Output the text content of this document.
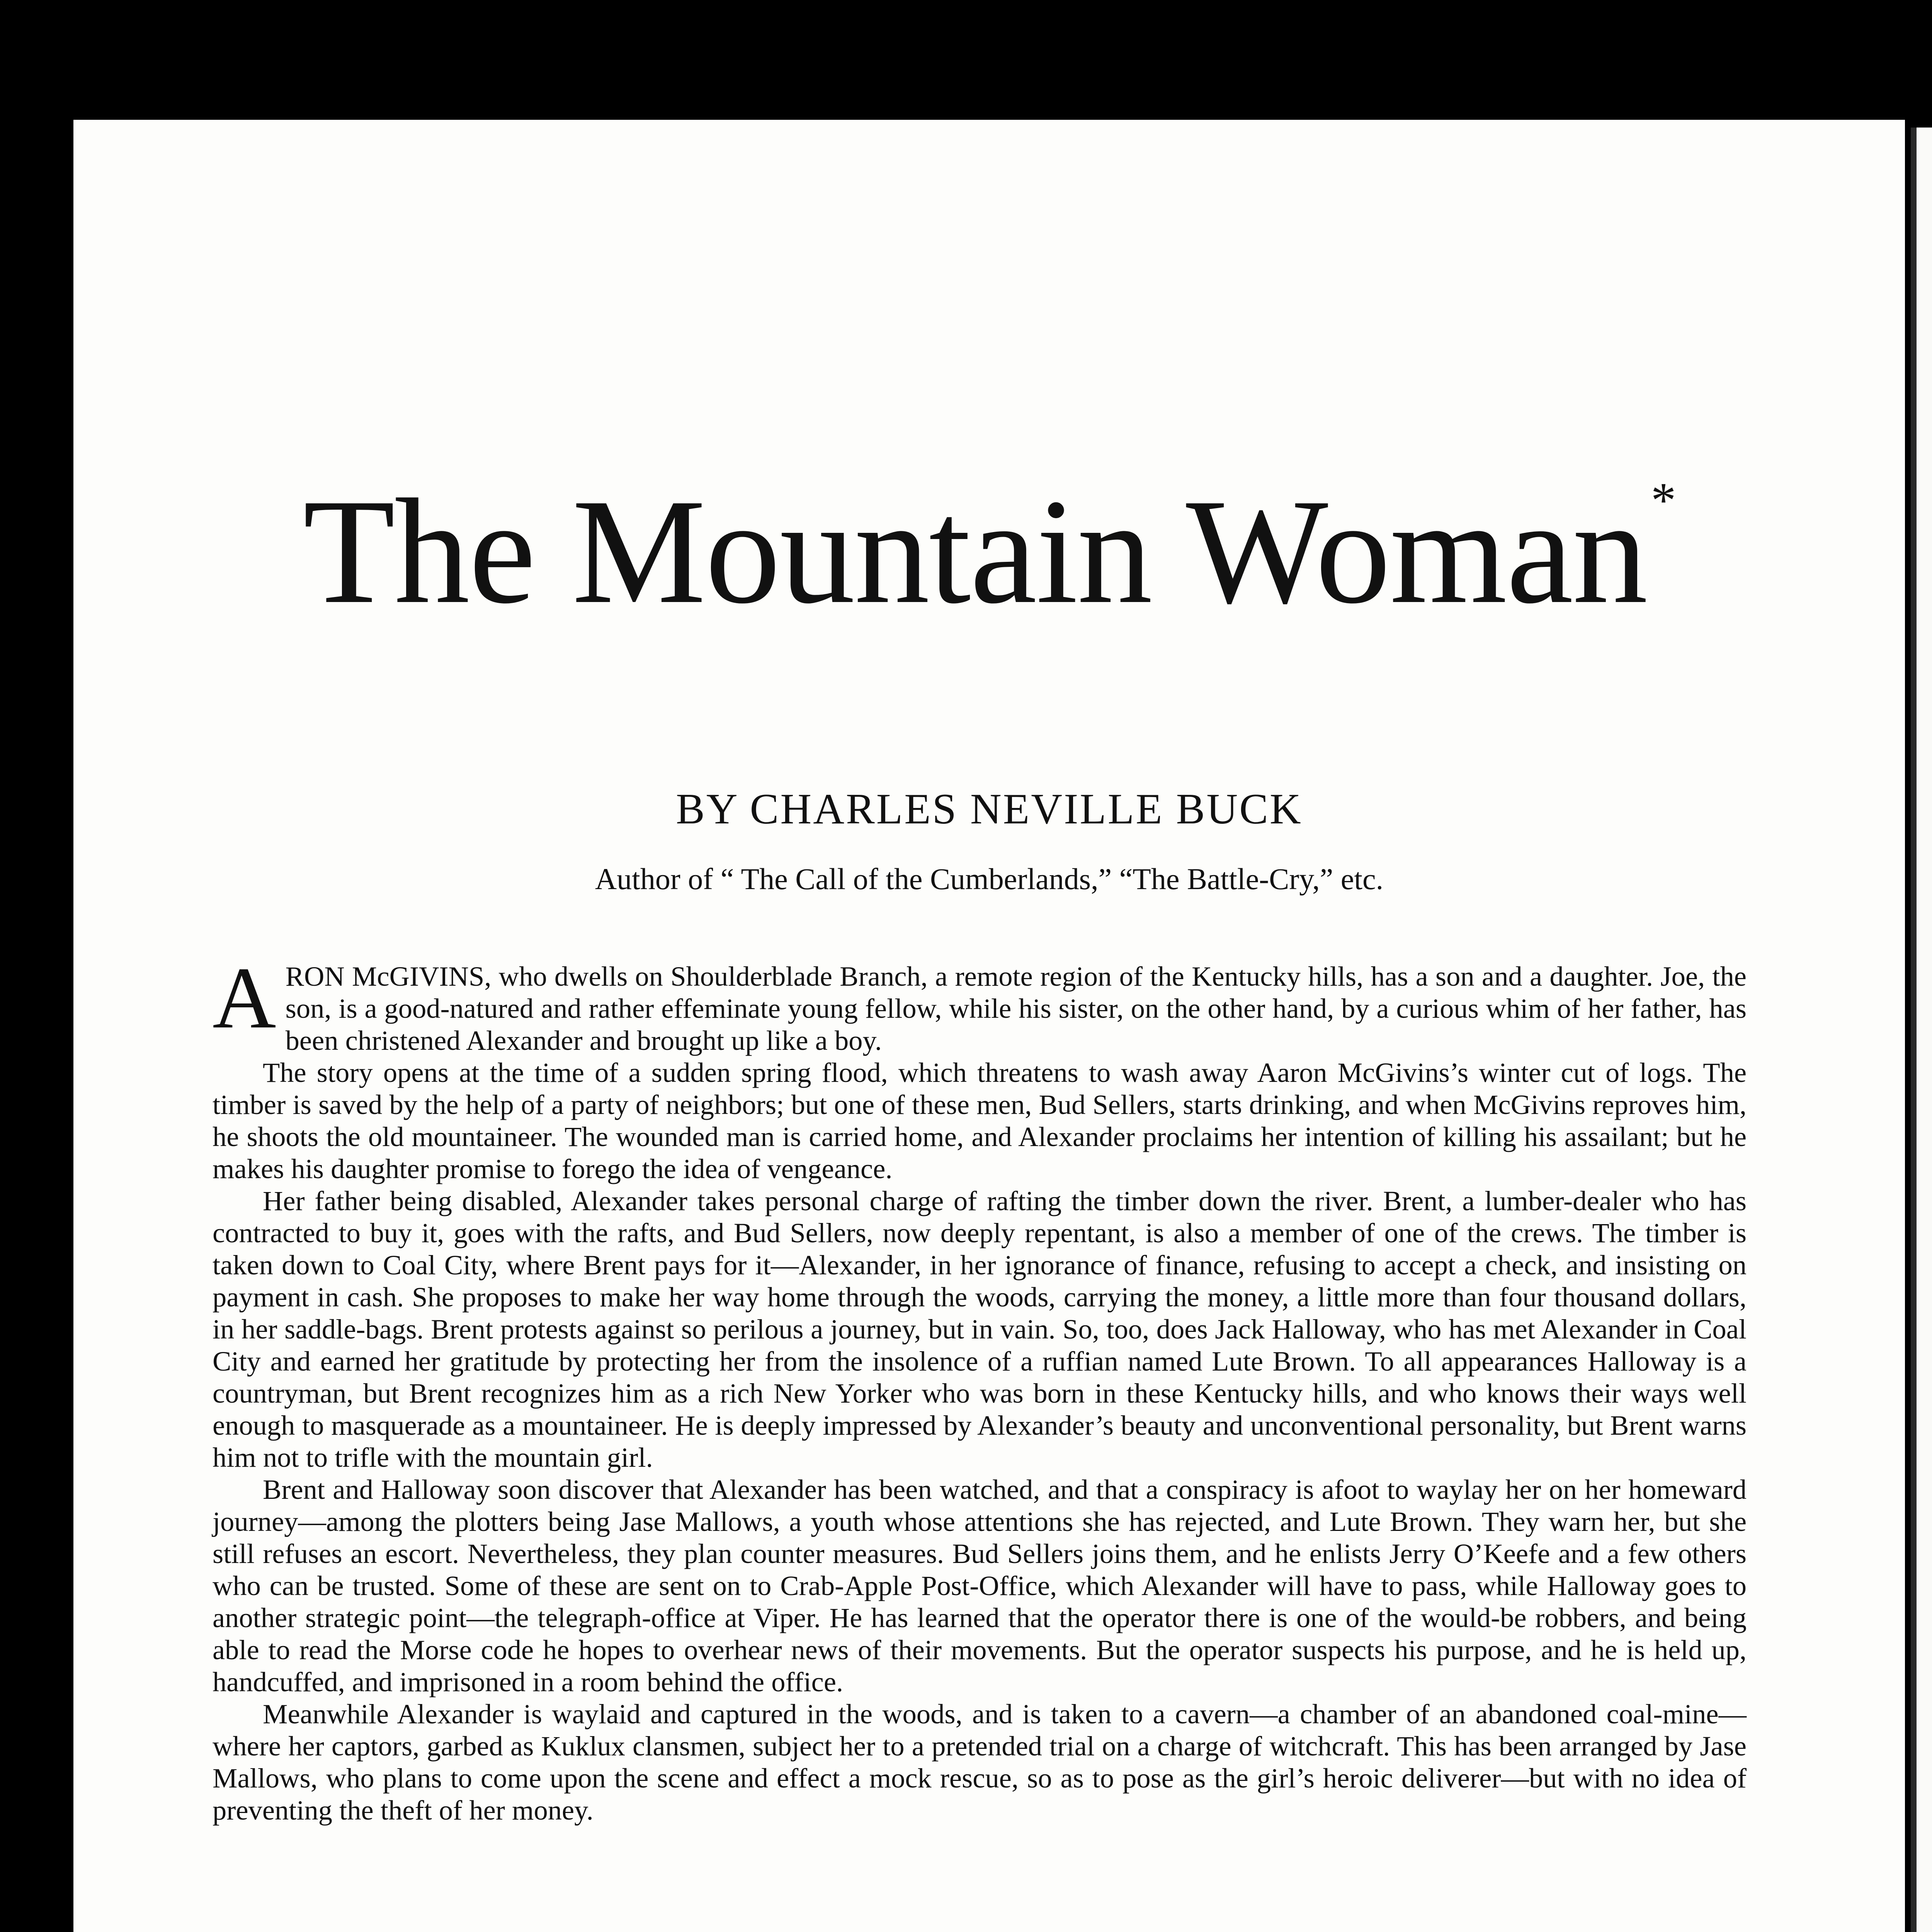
The Mountain Woman*

BY CHARLES NEVILLE BUCK

Author of “ The Call of the Cumberlands,” “The Battle-Cry,” etc.

ARON McGIVINS, who dwells on Shoulderblade Branch, a remote region of the Kentucky hills, has a son and a daughter. Joe, the son, is a good-natured and rather effeminate young fellow, while his sister, on the other hand, by a curious whim of her father, has been christened Alexander and brought up like a boy.

The story opens at the time of a sudden spring flood, which threatens to wash away Aaron McGivins’s winter cut of logs. The timber is saved by the help of a party of neighbors; but one of these men, Bud Sellers, starts drinking, and when McGivins reproves him, he shoots the old mountaineer. The wounded man is carried home, and Alexander proclaims her intention of killing his assailant; but he makes his daughter promise to forego the idea of vengeance.

Her father being disabled, Alexander takes personal charge of rafting the timber down the river. Brent, a lumber-dealer who has contracted to buy it, goes with the rafts, and Bud Sellers, now deeply repentant, is also a member of one of the crews. The timber is taken down to Coal City, where Brent pays for it—Alexander, in her ignorance of finance, refusing to accept a check, and insisting on payment in cash. She proposes to make her way home through the woods, carrying the money, a little more than four thousand dollars, in her saddle-bags. Brent protests against so perilous a journey, but in vain. So, too, does Jack Halloway, who has met Alexander in Coal City and earned her gratitude by protecting her from the insolence of a ruffian named Lute Brown. To all appearances Halloway is a countryman, but Brent recognizes him as a rich New Yorker who was born in these Kentucky hills, and who knows their ways well enough to masquerade as a mountaineer. He is deeply impressed by Alexander’s beauty and unconventional personality, but Brent warns him not to trifle with the mountain girl.

Brent and Halloway soon discover that Alexander has been watched, and that a conspiracy is afoot to waylay her on her homeward journey—among the plotters being Jase Mallows, a youth whose attentions she has rejected, and Lute Brown. They warn her, but she still refuses an escort. Nevertheless, they plan counter measures. Bud Sellers joins them, and he enlists Jerry O’Keefe and a few others who can be trusted. Some of these are sent on to Crab-Apple Post-Office, which Alexander will have to pass, while Halloway goes to another strategic point—the telegraph-office at Viper. He has learned that the operator there is one of the would-be robbers, and being able to read the Morse code he hopes to overhear news of their movements. But the operator suspects his purpose, and he is held up, handcuffed, and imprisoned in a room behind the office.

Meanwhile Alexander is waylaid and captured in the woods, and is taken to a cavern—a chamber of an abandoned coal-mine—where her captors, garbed as Kuklux clansmen, subject her to a pretended trial on a charge of witchcraft. This has been arranged by Jase Mallows, who plans to come upon the scene and effect a mock rescue, so as to pose as the girl’s heroic deliverer—but with no idea of preventing the theft of her money.
